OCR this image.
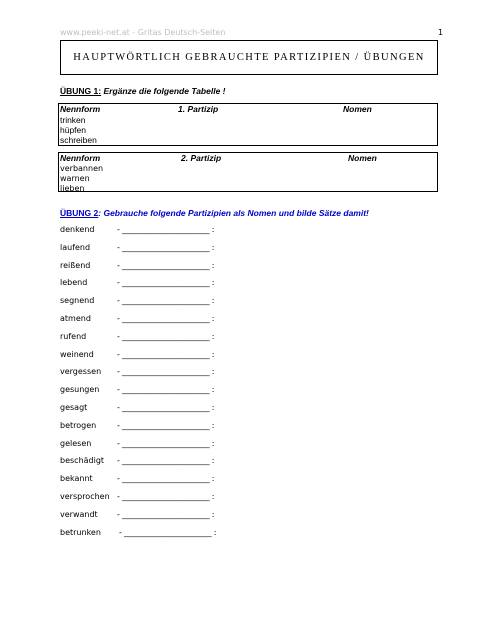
www.peeki-net.at - Gritas Deutsch-Seiten	1
HAUPTWÖRTLICH GEBRAUCHTE PARTIZIPIEN / ÜBUNGEN
ÜBUNG 1: Ergänze die folgende Tabelle !
Nennform	1. Partizip	Nomen
trinken
hüpfen
schreiben
Nennform	2. Partizip	Nomen
verbannen
warnen
lieben
ÜBUNG 2: Gebrauche folgende Partizipien als Nomen und bilde Sätze damit!
denkend	- _______________________ :
laufend	- _______________________ :
reißend	- _______________________ :
lebend	- _______________________ :
segnend	- _______________________ :
atmend	- _______________________ :
rufend	- _______________________ :
weinend	- _______________________ :
vergessen - _______________________ :
gesungen - _______________________ :
gesagt	- _______________________ :
betrogen	- _______________________ :
gelesen	- _______________________ :
beschädigt - _______________________ :
bekannt	- _______________________ :
versprochen - _______________________ :
verwandt - _______________________ :
betrunken - _______________________ :
